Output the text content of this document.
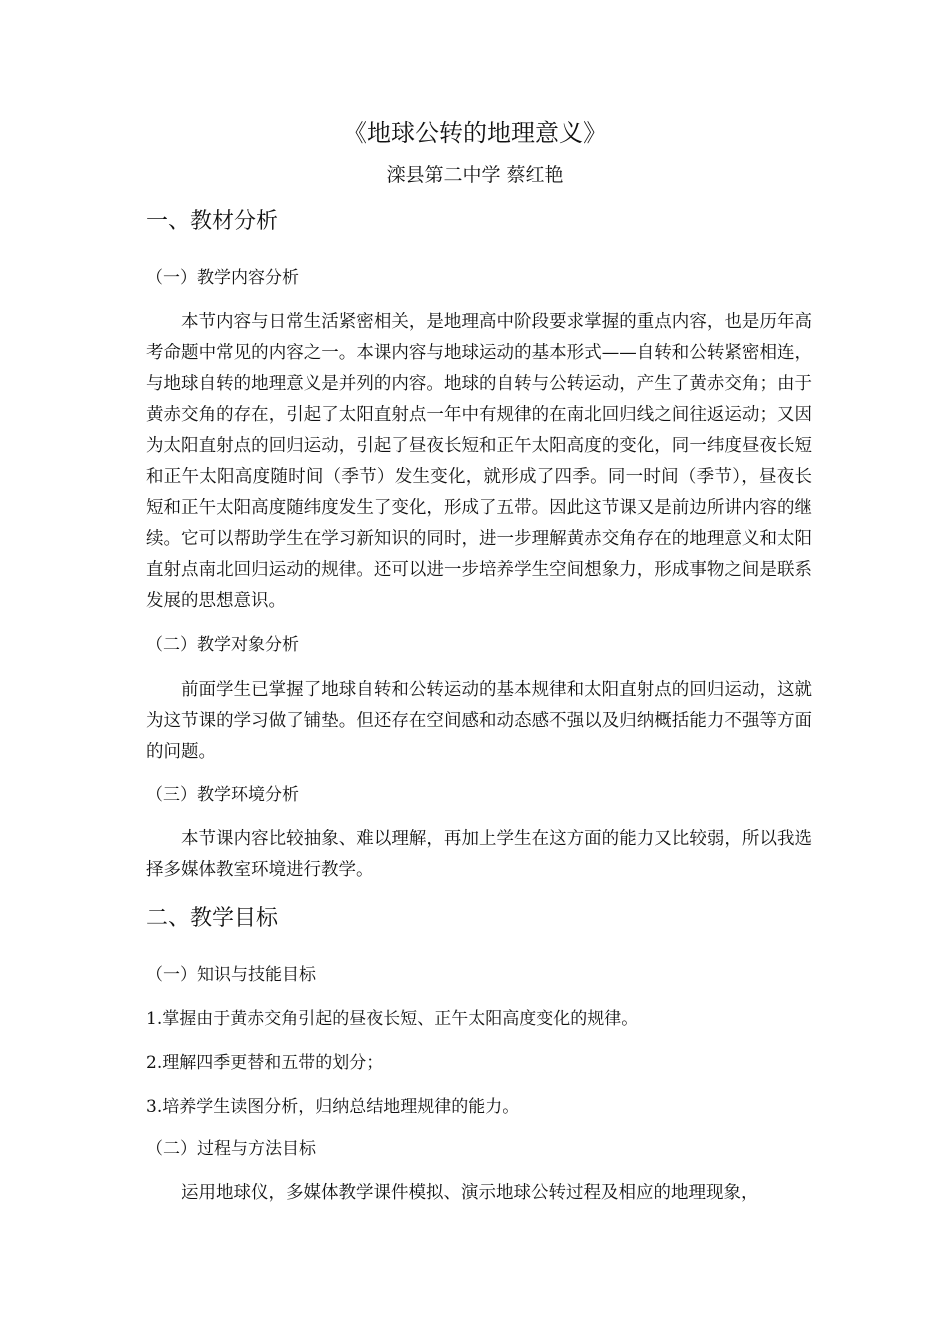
《地球公转的地理意义》
滦县第二中学 蔡红艳
一、教材分析
（一）教学内容分析

本节内容与日常生活紧密相关，是地理高中阶段要求掌握的重点内容，也是历年高考命题中常见的内容之一。本课内容与地球运动的基本形式——自转和公转紧密相连，与地球自转的地理意义是并列的内容。地球的自转与公转运动，产生了黄赤交角；由于黄赤交角的存在，引起了太阳直射点一年中有规律的在南北回归线之间往返运动；又因为太阳直射点的回归运动，引起了昼夜长短和正午太阳高度的变化，同一纬度昼夜长短和正午太阳高度随时间（季节）发生变化，就形成了四季。同一时间（季节），昼夜长短和正午太阳高度随纬度发生了变化，形成了五带。因此这节课又是前边所讲内容的继续。它可以帮助学生在学习新知识的同时，进一步理解黄赤交角存在的地理意义和太阳直射点南北回归运动的规律。还可以进一步培养学生空间想象力，形成事物之间是联系发展的思想意识。

（二）教学对象分析

前面学生已掌握了地球自转和公转运动的基本规律和太阳直射点的回归运动，这就为这节课的学习做了铺垫。但还存在空间感和动态感不强以及归纳概括能力不强等方面的问题。

（三）教学环境分析

本节课内容比较抽象、难以理解，再加上学生在这方面的能力又比较弱，所以我选择多媒体教室环境进行教学。

二、教学目标
（一）知识与技能目标
1.掌握由于黄赤交角引起的昼夜长短、正午太阳高度变化的规律。
2.理解四季更替和五带的划分；
3.培养学生读图分析，归纳总结地理规律的能力。
（二）过程与方法目标

运用地球仪，多媒体教学课件模拟、演示地球公转过程及相应的地理现象，
